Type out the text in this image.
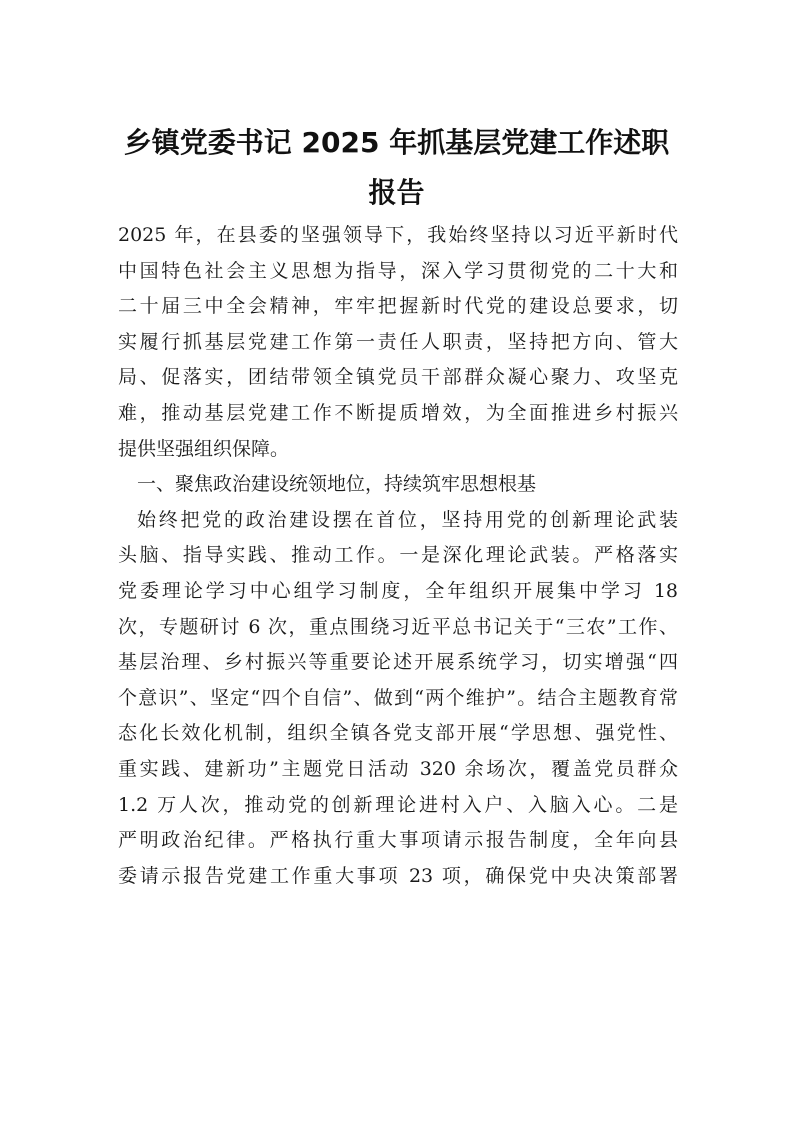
乡镇党委书记 2025 年抓基层党建工作述职
报告
2025 年，在县委的坚强领导下，我始终坚持以习近平新时代
中国特色社会主义思想为指导，深入学习贯彻党的二十大和
二十届三中全会精神，牢牢把握新时代党的建设总要求，切
实履行抓基层党建工作第一责任人职责，坚持把方向、管大
局、促落实，团结带领全镇党员干部群众凝心聚力、攻坚克
难，推动基层党建工作不断提质增效，为全面推进乡村振兴
提供坚强组织保障。
一、聚焦政治建设统领地位，持续筑牢思想根基
始终把党的政治建设摆在首位，坚持用党的创新理论武装
头脑、指导实践、推动工作。一是深化理论武装。严格落实
党委理论学习中心组学习制度，全年组织开展集中学习 18
次，专题研讨 6 次，重点围绕习近平总书记关于“三农”工作、
基层治理、乡村振兴等重要论述开展系统学习，切实增强“四
个意识”、坚定“四个自信”、做到“两个维护”。结合主题教育常
态化长效化机制，组织全镇各党支部开展“学思想、强党性、
重实践、建新功”主题党日活动 320 余场次，覆盖党员群众
1.2 万人次，推动党的创新理论进村入户、入脑入心。二是
严明政治纪律。严格执行重大事项请示报告制度，全年向县
委请示报告党建工作重大事项 23 项，确保党中央决策部署
